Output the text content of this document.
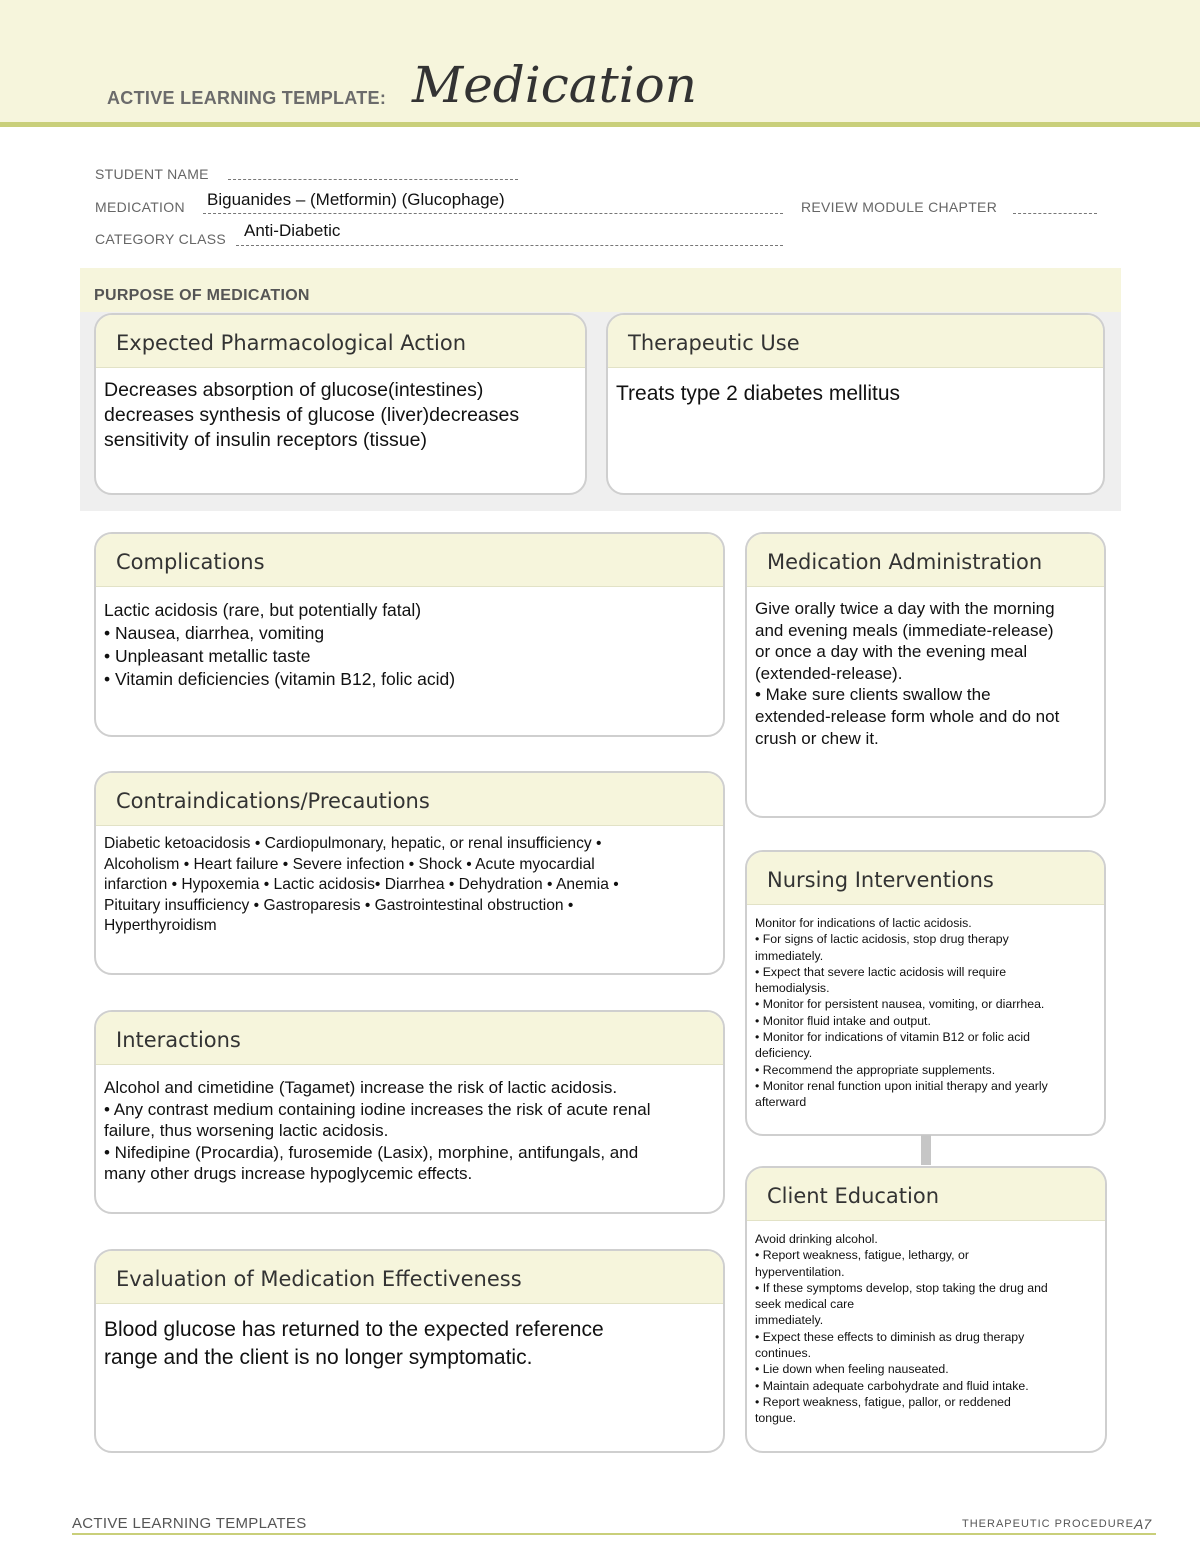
ACTIVE LEARNING TEMPLATE: Medication
STUDENT NAME
MEDICATION Biguanides – (Metformin) (Glucophage)	REVIEW MODULE CHAPTER
CATEGORY CLASS Anti-Diabetic
PURPOSE OF MEDICATION
Expected Pharmacological Action

Decreases absorption of glucose(intestines)

decreases synthesis of glucose (liver)decreases

sensitivity of insulin receptors (tissue)

Therapeutic Use

Treats type 2 diabetes mellitus

Complications

Lactic acidosis (rare, but potentially fatal)

• Nausea, diarrhea, vomiting

• Unpleasant metallic taste

• Vitamin deficiencies (vitamin B12, folic acid)

Medication Administration

Give orally twice a day with the morning

and evening meals (immediate-release)

or once a day with the evening meal

(extended-release).

• Make sure clients swallow the

extended-release form whole and do not

crush or chew it.

Contraindications/Precautions

Diabetic ketoacidosis • Cardiopulmonary, hepatic, or renal insufficiency •

Alcoholism • Heart failure • Severe infection • Shock • Acute myocardial

infarction • Hypoxemia • Lactic acidosis• Diarrhea • Dehydration • Anemia •

Pituitary insufficiency • Gastroparesis • Gastrointestinal obstruction •

Hyperthyroidism

Nursing Interventions

Monitor for indications of lactic acidosis.

• For signs of lactic acidosis, stop drug therapy

immediately.

• Expect that severe lactic acidosis will require

hemodialysis.

• Monitor for persistent nausea, vomiting, or diarrhea.

• Monitor fluid intake and output.

• Monitor for indications of vitamin B12 or folic acid

deficiency.

• Recommend the appropriate supplements.

• Monitor renal function upon initial therapy and yearly

afterward

Interactions

Alcohol and cimetidine (Tagamet) increase the risk of lactic acidosis.

• Any contrast medium containing iodine increases the risk of acute renal

failure, thus worsening lactic acidosis.

• Nifedipine (Procardia), furosemide (Lasix), morphine, antifungals, and

many other drugs increase hypoglycemic effects.

Client Education

Avoid drinking alcohol.

• Report weakness, fatigue, lethargy, or

hyperventilation.

• If these symptoms develop, stop taking the drug and

seek medical care

immediately.

• Expect these effects to diminish as drug therapy

continues.

• Lie down when feeling nauseated.

• Maintain adequate carbohydrate and fluid intake.

• Report weakness, fatigue, pallor, or reddened

tongue.

Evaluation of Medication Effectiveness

Blood glucose has returned to the expected reference

range and the client is no longer symptomatic.

ACTIVE LEARNING TEMPLATES	THERAPEUTIC PROCEDURE A7
